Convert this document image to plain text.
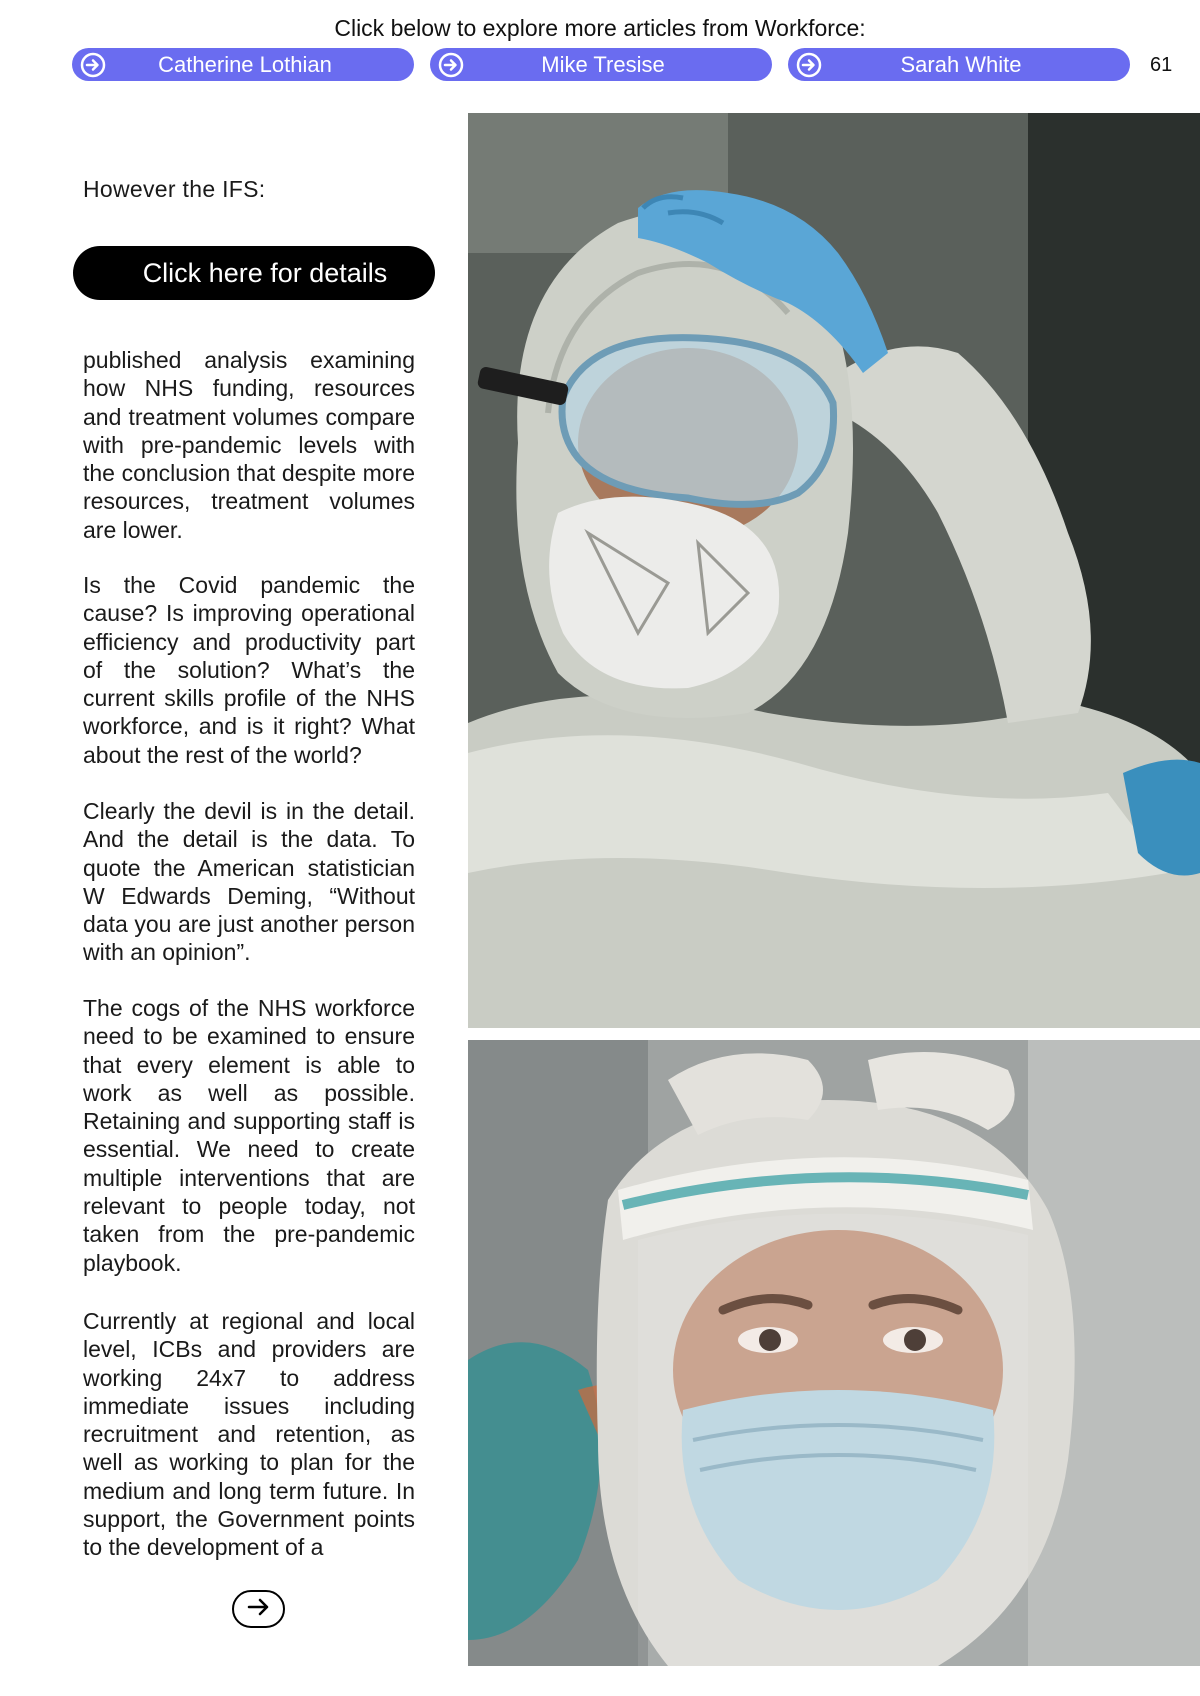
Click below to explore more articles from Workforce:
Catherine Lothian	Mike Tresise	Sarah White	61
However the IFS:
Click here for details

published analysis examining how NHS funding, resources and treatment volumes compare with pre-pandemic levels with the conclusion that despite more resources, treatment volumes are lower.

Is the Covid pandemic the cause? Is improving operational efficiency and productivity part of the solution? What’s the current skills profile of the NHS workforce, and is it right? What about the rest of the world?

Clearly the devil is in the detail. And the detail is the data. To quote the American statistician W Edwards Deming, “Without data you are just another person with an opinion”.

The cogs of the NHS workforce need to be examined to ensure that every element is able to work as well as possible. Retaining and supporting staff is essential. We need to create multiple interventions that are relevant to people today, not taken from the pre-pandemic playbook.

Currently at regional and local level, ICBs and providers are working 24x7 to address immediate issues including recruitment and retention, as well as working to plan for the medium and long term future. In support, the Government points to the development of a
